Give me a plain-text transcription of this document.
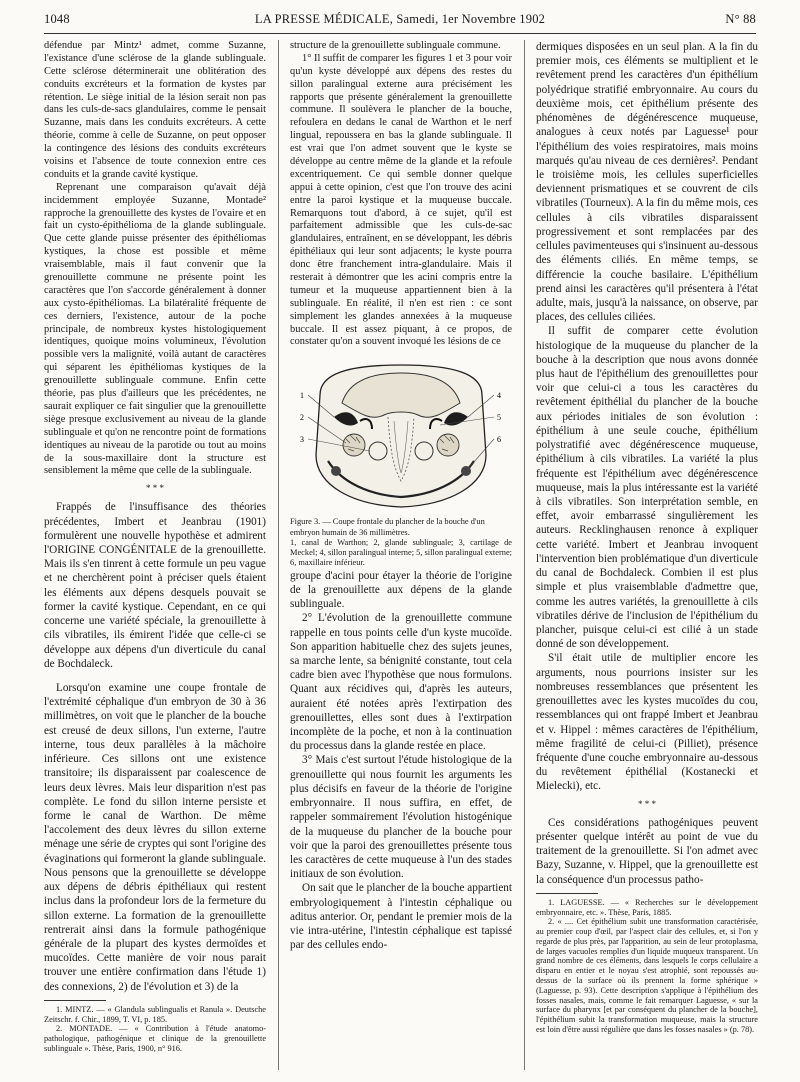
1048	LA PRESSE MÉDICALE, Samedi, 1er Novembre 1902	N° 88

défendue par Mintz¹ admet, comme Suzanne, l'existance d'une sclérose de la glande sublinguale. Cette sclérose déterminerait une oblitération des conduits excréteurs et la formation de kystes par rétention. Le siège initial de la lésion serait non pas dans les culs-de-sacs glandulaires, comme le pensait Suzanne, mais dans les conduits excréteurs. A cette théorie, comme à celle de Suzanne, on peut opposer la contingence des lésions des conduits excréteurs voisins et l'absence de toute connexion entre ces conduits et la grande cavité kystique.

Reprenant une comparaison qu'avait déjà incidemment employée Suzanne, Montade² rapproche la grenouillette des kystes de l'ovaire et en fait un cysto-épithélioma de la glande sublinguale. Que cette glande puisse présenter des épithéliomas kystiques, la chose est possible et même vraisemblable, mais il faut convenir que la grenouillette commune ne présente point les caractères que l'on s'accorde généralement à donner aux cysto-épithéliomas. La bilatéralité fréquente de ces derniers, l'existence, autour de la poche principale, de nombreux kystes histologiquement identiques, quoique moins volumineux, l'évolution possible vers la malignité, voilà autant de caractères qui séparent les épithéliomas kystiques de la grenouillette sublinguale commune. Enfin cette théorie, pas plus d'ailleurs que les précédentes, ne saurait expliquer ce fait singulier que la grenouillette siège presque exclusivement au niveau de la glande sublinguale et qu'on ne rencontre point de formations identiques au niveau de la parotide ou tout au moins de la sous-maxillaire dont la structure est sensiblement la même que celle de la sublinguale.

* * *

Frappés de l'insuffisance des théories précédentes, Imbert et Jeanbrau (1901) formulèrent une nouvelle hypothèse et admirent l'ORIGINE CONGÉNITALE de la grenouillette. Mais ils s'en tinrent à cette formule un peu vague et ne cherchèrent point à préciser quels étaient les éléments aux dépens desquels pouvait se former la cavité kystique. Cependant, en ce qui concerne une variété spéciale, la grenouillette à cils vibratiles, ils émirent l'idée que celle-ci se développe aux dépens d'un diverticule du canal de Bochdaleck.

Lorsqu'on examine une coupe frontale de l'extrémité céphalique d'un embryon de 30 à 36 millimètres, on voit que le plancher de la bouche est creusé de deux sillons, l'un externe, l'autre interne, tous deux parallèles à la mâchoire inférieure. Ces sillons ont une existence transitoire; ils disparaissent par coalescence de leurs deux lèvres. Mais leur disparition n'est pas complète. Le fond du sillon interne persiste et forme le canal de Warthon. De même l'accolement des deux lèvres du sillon externe ménage une série de cryptes qui sont l'origine des évaginations qui formeront la glande sublinguale. Nous pensons que la grenouillette se développe aux dépens de débris épithéliaux qui restent inclus dans la profondeur lors de la fermeture du sillon externe. La formation de la grenouillette rentrerait ainsi dans la formule pathogénique générale de la plupart des kystes dermoïdes et mucoïdes. Cette manière de voir nous parait trouver une entière confirmation dans l'étude 1) des connexions, 2) de l'évolution et 3) de la

1. MINTZ. — « Glandula sublingualis et Ranula ». Deutsche Zeitschr. f. Chir., 1899, T. VI, p. 185.

2. MONTADE. — « Contribution à l'étude anatomo-pathologique, pathogénique et clinique de la grenouillette sublinguale ». Thèse, Paris, 1900, n° 916.

structure de la grenouillette sublinguale commune.

1° Il suffit de comparer les figures 1 et 3 pour voir qu'un kyste développé aux dépens des restes du sillon paralingual externe aura précisément les rapports que présente généralement la grenouillette commune. Il soulèvera le plancher de la bouche, refoulera en dedans le canal de Warthon et le nerf lingual, repoussera en bas la glande sublinguale. Il est vrai que l'on admet souvent que le kyste se développe au centre même de la glande et la refoule excentriquement. Ce qui semble donner quelque appui à cette opinion, c'est que l'on trouve des acini entre la paroi kystique et la muqueuse buccale. Remarquons tout d'abord, à ce sujet, qu'il est parfaitement admissible que les culs-de-sac glandulaires, entraînent, en se développant, les débris épithéliaux qui leur sont adjacents; le kyste pourra donc être franchement intra-glandulaire. Mais il resterait à démontrer que les acini compris entre la tumeur et la muqueuse appartiennent bien à la sublinguale. En réalité, il n'en est rien : ce sont simplement les glandes annexées à la muqueuse buccale. Il est assez piquant, à ce propos, de constater qu'on a souvent invoqué les lésions de ce

1
2
3
4
5
6

Figure 3. — Coupe frontale du plancher de la bouche d'un embryon humain de 36 millimètres.
1, canal de Warthon; 2, glande sublinguale; 3, cartilage de Meckel; 4, sillon paralingual interne; 5, sillon paralingual externe; 6, maxillaire inférieur.

groupe d'acini pour étayer la théorie de l'origine de la grenouillette aux dépens de la glande sublinguale.

2° L'évolution de la grenouillette commune rappelle en tous points celle d'un kyste mucoïde. Son apparition habituelle chez des sujets jeunes, sa marche lente, sa bénignité constante, tout cela cadre bien avec l'hypothèse que nous formulons. Quant aux récidives qui, d'après les auteurs, auraient été notées après l'extirpation des grenouillettes, elles sont dues à l'extirpation incomplète de la poche, et non à la continuation du processus dans la glande restée en place.

3° Mais c'est surtout l'étude histologique de la grenouillette qui nous fournit les arguments les plus décisifs en faveur de la théorie de l'origine embryonnaire. Il nous suffira, en effet, de rappeler sommairement l'évolution histogénique de la muqueuse du plancher de la bouche pour voir que la paroi des grenouillettes présente tous les caractères de cette muqueuse à l'un des stades initiaux de son évolution.

On sait que le plancher de la bouche appartient embryologiquement à l'intestin céphalique ou aditus anterior. Or, pendant le premier mois de la vie intra-utérine, l'intestin céphalique est tapissé par des cellules endo-

dermiques disposées en un seul plan. A la fin du premier mois, ces éléments se multiplient et le revêtement prend les caractères d'un épithélium polyédrique stratifié embryonnaire. Au cours du deuxième mois, cet épithélium présente des phénomènes de dégénérescence muqueuse, analogues à ceux notés par Laguesse¹ pour l'épithélium des voies respiratoires, mais moins marqués qu'au niveau de ces dernières². Pendant le troisième mois, les cellules superficielles deviennent prismatiques et se couvrent de cils vibratiles (Tourneux). A la fin du même mois, ces cellules à cils vibratiles disparaissent progressivement et sont remplacées par des cellules pavimenteuses qui s'insinuent au-dessous des éléments ciliés. En même temps, se différencie la couche basilaire. L'épithélium prend ainsi les caractères qu'il présentera à l'état adulte, mais, jusqu'à la naissance, on observe, par places, des cellules ciliées.

Il suffit de comparer cette évolution histologique de la muqueuse du plancher de la bouche à la description que nous avons donnée plus haut de l'épithélium des grenouillettes pour voir que celui-ci a tous les caractères du revêtement épithélial du plancher de la bouche aux périodes initiales de son évolution : épithélium à une seule couche, épithélium polystratifié avec dégénérescence muqueuse, épithélium à cils vibratiles. La variété la plus fréquente est l'épithélium avec dégénérescence muqueuse, mais la plus intéressante est la variété à cils vibratiles. Son interprétation semble, en effet, avoir embarrassé singulièrement les auteurs. Recklinghausen renonce à expliquer cette variété. Imbert et Jeanbrau invoquent l'intervention bien problématique d'un diverticule du canal de Bochdaleck. Combien il est plus simple et plus vraisemblable d'admettre que, comme les autres variétés, la grenouillette à cils vibratiles dérive de l'inclusion de l'épithélium du plancher, puisque celui-ci est cilié à un stade donné de son développement.

S'il était utile de multiplier encore les arguments, nous pourrions insister sur les nombreuses ressemblances que présentent les grenouillettes avec les kystes mucoïdes du cou, ressemblances qui ont frappé Imbert et Jeanbrau et v. Hippel : mêmes caractères de l'épithélium, même fragilité de celui-ci (Pilliet), présence fréquente d'une couche embryonnaire au-dessous du revêtement épithélial (Kostanecki et Mielecki), etc.

* * *

Ces considérations pathogéniques peuvent présenter quelque intérêt au point de vue du traitement de la grenouillette. Si l'on admet avec Bazy, Suzanne, v. Hippel, que la grenouillette est la conséquence d'un processus patho-

1. LAGUESSE. — « Recherches sur le développement embryonnaire, etc. ». Thèse, Paris, 1885.

2. « .... Cet épithélium subit une transformation caractérisée, au premier coup d'œil, par l'aspect clair des cellules, et, si l'on y regarde de plus près, par l'apparition, au sein de leur protoplasma, de larges vacuoles remplies d'un liquide muqueux transparent. Un grand nombre de ces éléments, dans lesquels le corps cellulaire a disparu en entier et le noyau s'est atrophié, sont repoussés au-dessus de la surface où ils prennent la forme sphérique » (Laguesse, p. 93). Cette description s'applique à l'épithélium des fosses nasales, mais, comme le fait remarquer Laguesse, « sur la surface du pharynx [et par conséquent du plancher de la bouche], l'épithélium subit la transformation muqueuse, mais la structure est loin d'être aussi régulière que dans les fosses nasales » (p. 78).
